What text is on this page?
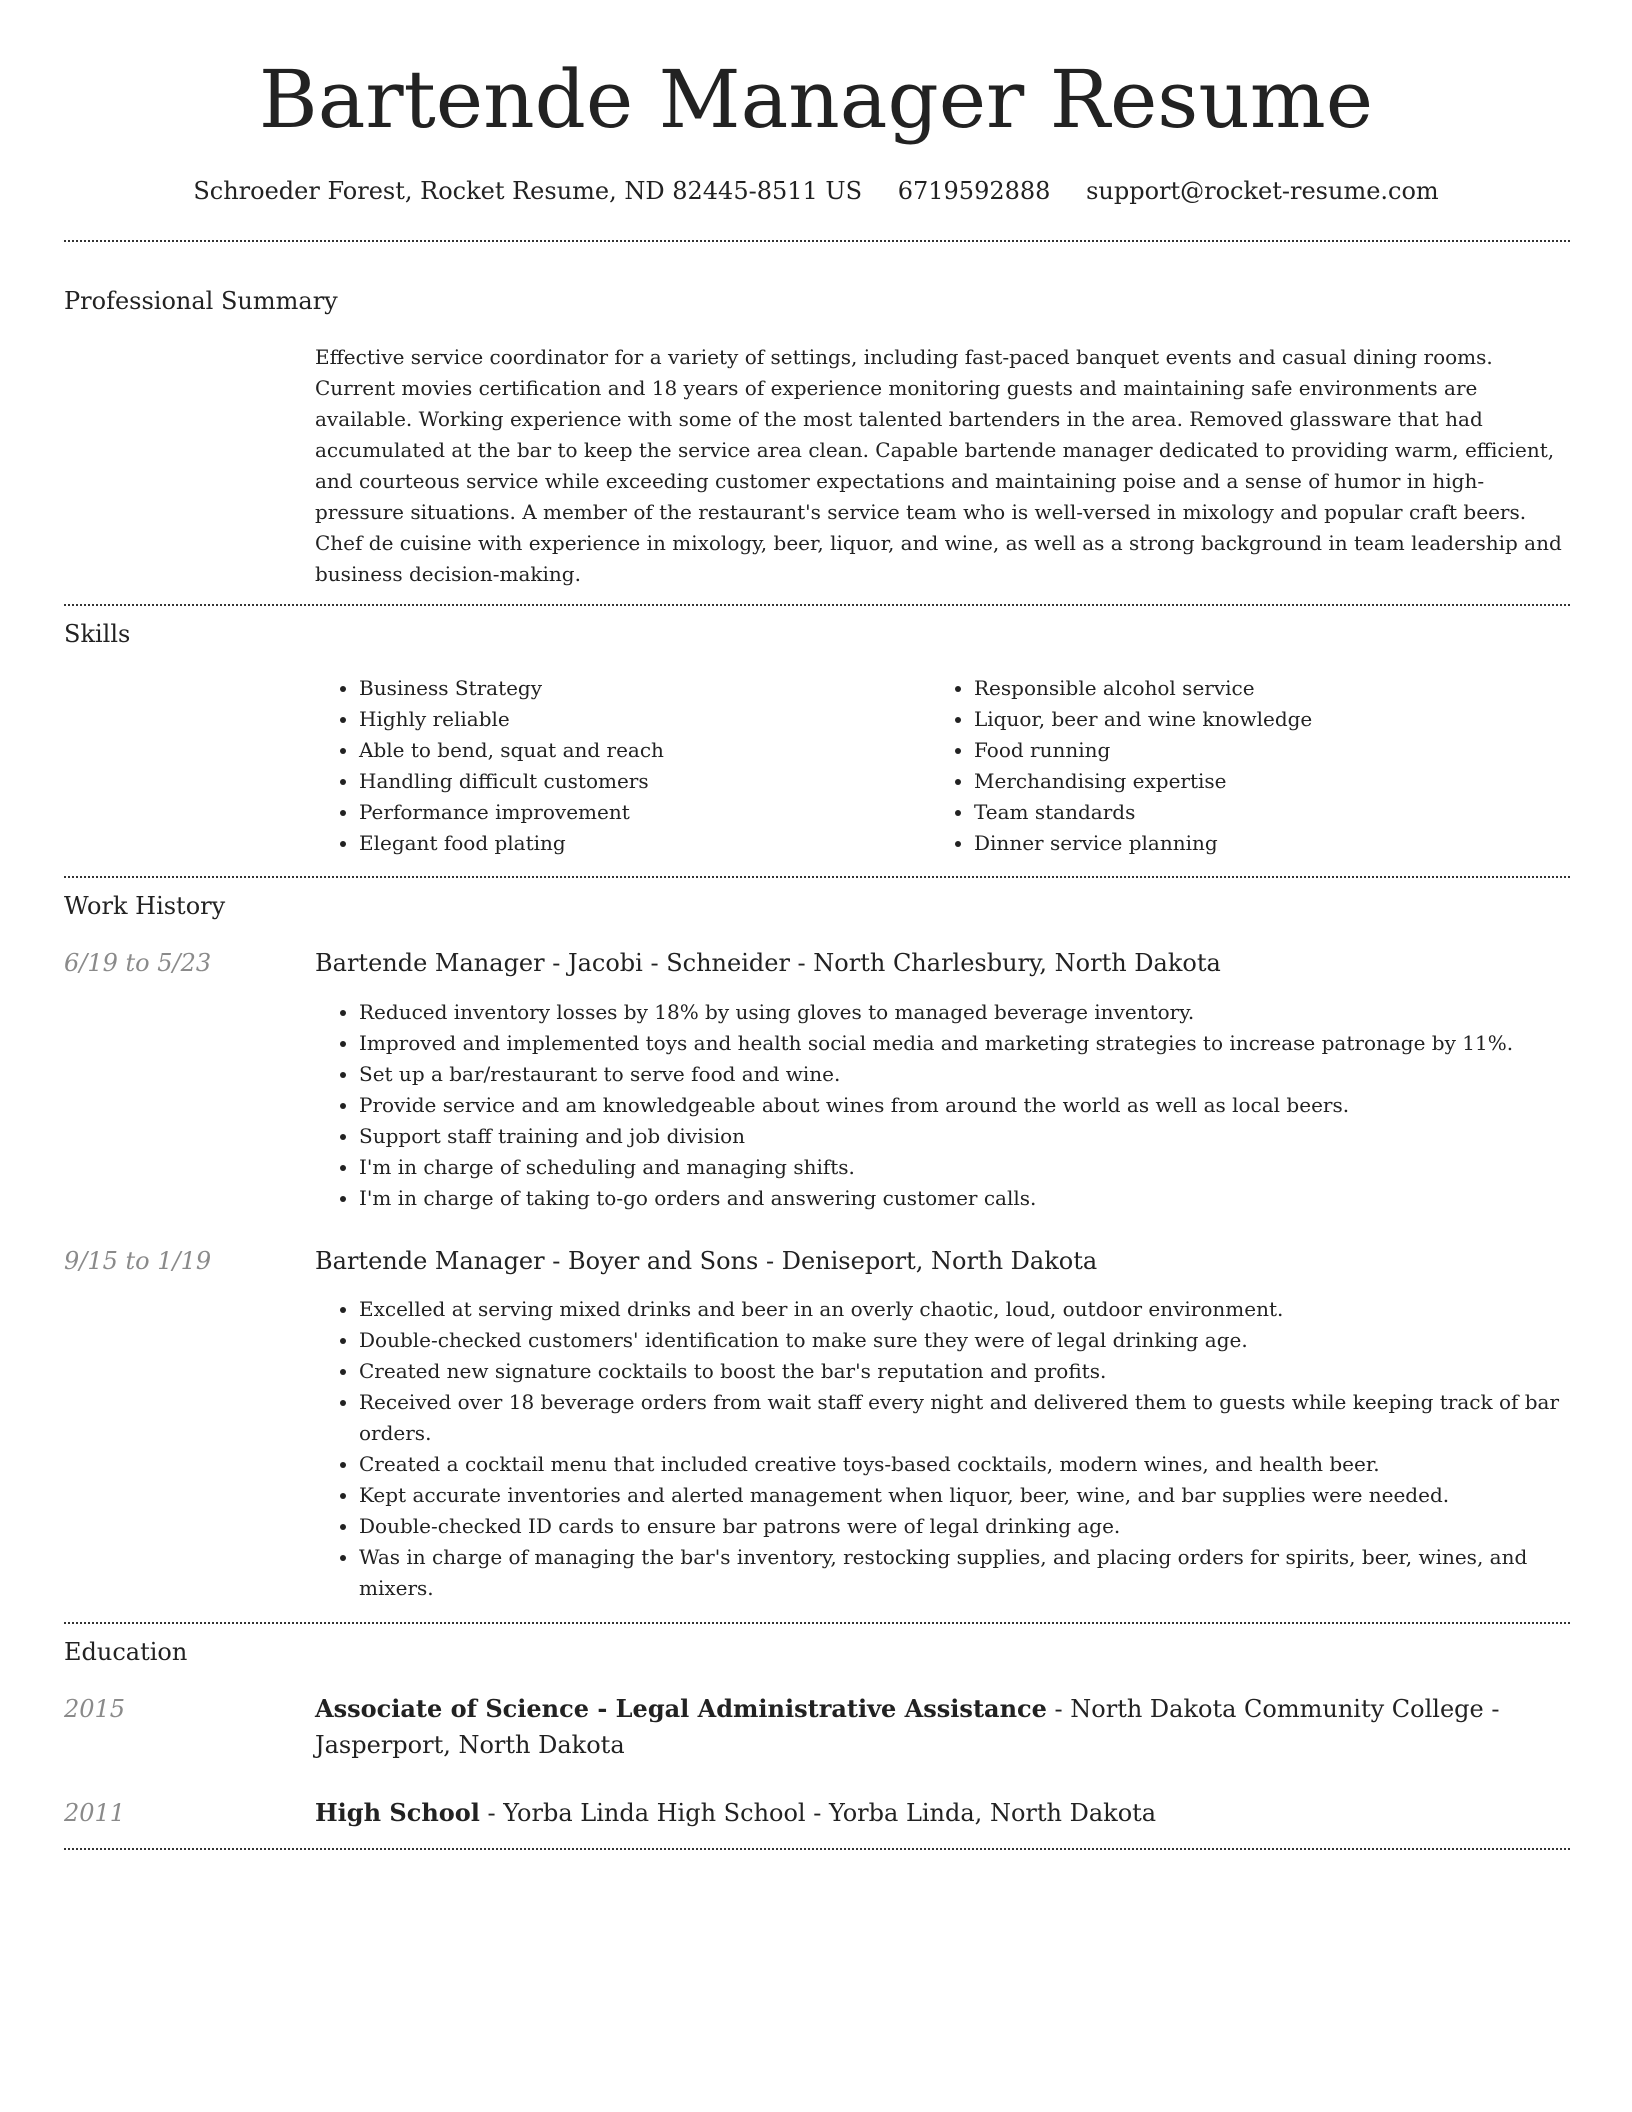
Bartende Manager Resume
Schroeder Forest, Rocket Resume, ND 82445-8511 US 6719592888 support@rocket-resume.com
Professional Summary

Effective service coordinator for a variety of settings, including fast-paced banquet events and casual dining rooms. Current movies certification and 18 years of experience monitoring guests and maintaining safe environments are available. Working experience with some of the most talented bartenders in the area. Removed glassware that had accumulated at the bar to keep the service area clean. Capable bartende manager dedicated to providing warm, efficient, and courteous service while exceeding customer expectations and maintaining poise and a sense of humor in high-pressure situations. A member of the restaurant's service team who is well-versed in mixology and popular craft beers. Chef de cuisine with experience in mixology, beer, liquor, and wine, as well as a strong background in team leadership and business decision-making.

Skills
• Business Strategy
• Highly reliable
• Able to bend, squat and reach
• Handling difficult customers
• Performance improvement
• Elegant food plating
• Responsible alcohol service
• Liquor, beer and wine knowledge
• Food running
• Merchandising expertise
• Team standards
• Dinner service planning
Work History
6/19 to 5/23	Bartende Manager - Jacobi - Schneider - North Charlesbury, North Dakota
• Reduced inventory losses by 18% by using gloves to managed beverage inventory.
• Improved and implemented toys and health social media and marketing strategies to increase patronage by 11%.
• Set up a bar/restaurant to serve food and wine.
• Provide service and am knowledgeable about wines from around the world as well as local beers.
• Support staff training and job division
• I'm in charge of scheduling and managing shifts.
• I'm in charge of taking to-go orders and answering customer calls.
9/15 to 1/19	Bartende Manager - Boyer and Sons - Deniseport, North Dakota
• Excelled at serving mixed drinks and beer in an overly chaotic, loud, outdoor environment.
• Double-checked customers' identification to make sure they were of legal drinking age.
• Created new signature cocktails to boost the bar's reputation and profits.
• Received over 18 beverage orders from wait staff every night and delivered them to guests while keeping track of bar orders.
• Created a cocktail menu that included creative toys-based cocktails, modern wines, and health beer.
• Kept accurate inventories and alerted management when liquor, beer, wine, and bar supplies were needed.
• Double-checked ID cards to ensure bar patrons were of legal drinking age.
• Was in charge of managing the bar's inventory, restocking supplies, and placing orders for spirits, beer, wines, and mixers.
Education
2015	Associate of Science - Legal Administrative Assistance - North Dakota Community College - Jasperport, North Dakota
2011	High School - Yorba Linda High School - Yorba Linda, North Dakota
